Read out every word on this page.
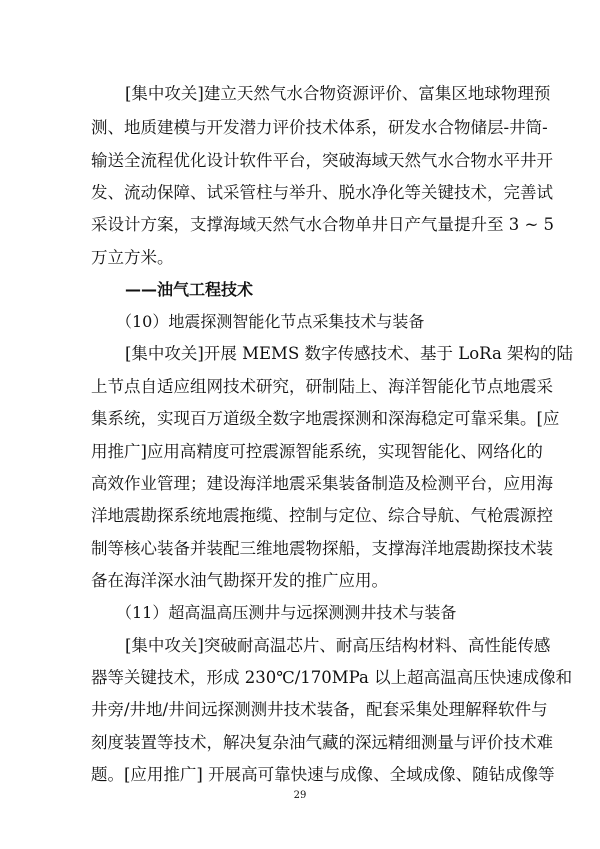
[集中攻关]建立天然气水合物资源评价、富集区地球物理预
测、地质建模与开发潜力评价技术体系，研发水合物储层-井筒-
输送全流程优化设计软件平台，突破海域天然气水合物水平井开
发、流动保障、试采管柱与举升、脱水净化等关键技术，完善试
采设计方案，支撑海域天然气水合物单井日产气量提升至 3 ~ 5
万立方米。
——油气工程技术
（10）地震探测智能化节点采集技术与装备
[集中攻关]开展 MEMS 数字传感技术、基于 LoRa 架构的陆
上节点自适应组网技术研究，研制陆上、海洋智能化节点地震采
集系统，实现百万道级全数字地震探测和深海稳定可靠采集。[应
用推广]应用高精度可控震源智能系统，实现智能化、网络化的
高效作业管理；建设海洋地震采集装备制造及检测平台，应用海
洋地震勘探系统地震拖缆、控制与定位、综合导航、气枪震源控
制等核心装备并装配三维地震物探船，支撑海洋地震勘探技术装
备在海洋深水油气勘探开发的推广应用。
（11）超高温高压测井与远探测测井技术与装备
[集中攻关]突破耐高温芯片、耐高压结构材料、高性能传感
器等关键技术，形成 230℃/170MPa 以上超高温高压快速成像和
井旁/井地/井间远探测测井技术装备，配套采集处理解释软件与
刻度装置等技术，解决复杂油气藏的深远精细测量与评价技术难
题。[应用推广] 开展高可靠快速与成像、全域成像、随钻成像等
29
